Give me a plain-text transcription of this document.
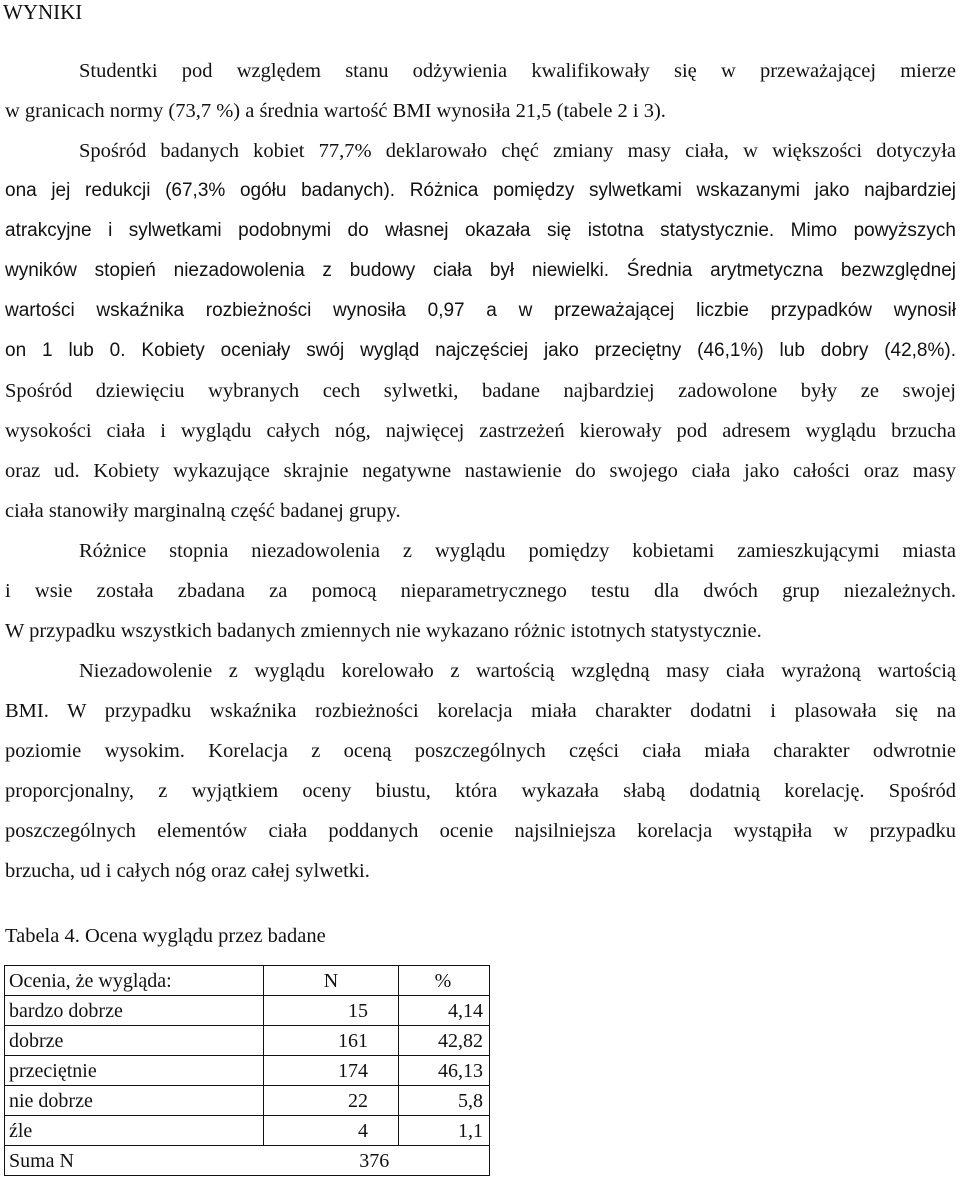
WYNIKI
Studentki pod względem stanu odżywienia kwalifikowały się w przeważającej mierze
w granicach normy (73,7 %) a średnia wartość BMI wynosiła 21,5 (tabele 2 i 3).
Spośród badanych kobiet 77,7% deklarowało chęć zmiany masy ciała, w większości dotyczyła
ona jej redukcji (67,3% ogółu badanych). Różnica pomiędzy sylwetkami wskazanymi jako najbardziej
atrakcyjne i sylwetkami podobnymi do własnej okazała się istotna statystycznie. Mimo powyższych
wyników stopień niezadowolenia z budowy ciała był niewielki. Średnia arytmetyczna bezwzględnej
wartości wskaźnika rozbieżności wynosiła 0,97 a w przeważającej liczbie przypadków wynosił
on 1 lub 0. Kobiety oceniały swój wygląd najczęściej jako przeciętny (46,1%) lub dobry (42,8%).
Spośród dziewięciu wybranych cech sylwetki, badane najbardziej zadowolone były ze swojej
wysokości ciała i wyglądu całych nóg, najwięcej zastrzeżeń kierowały pod adresem wyglądu brzucha
oraz ud. Kobiety wykazujące skrajnie negatywne nastawienie do swojego ciała jako całości oraz masy
ciała stanowiły marginalną część badanej grupy.
Różnice stopnia niezadowolenia z wyglądu pomiędzy kobietami zamieszkującymi miasta
i wsie została zbadana za pomocą nieparametrycznego testu dla dwóch grup niezależnych.
W przypadku wszystkich badanych zmiennych nie wykazano różnic istotnych statystycznie.
Niezadowolenie z wyglądu korelowało z wartością względną masy ciała wyrażoną wartością
BMI. W przypadku wskaźnika rozbieżności korelacja miała charakter dodatni i plasowała się na
poziomie wysokim. Korelacja z oceną poszczególnych części ciała miała charakter odwrotnie
proporcjonalny, z wyjątkiem oceny biustu, która wykazała słabą dodatnią korelację. Spośród
poszczególnych elementów ciała poddanych ocenie najsilniejsza korelacja wystąpiła w przypadku
brzucha, ud i całych nóg oraz całej sylwetki.
Tabela 4. Ocena wyglądu przez badane
Ocenia, że wygląda:	N	%
bardzo dobrze	15	4,14
dobrze	161	42,82
przeciętnie	174	46,13
nie dobrze	22	5,8
źle	4	1,1
Suma N	376	
